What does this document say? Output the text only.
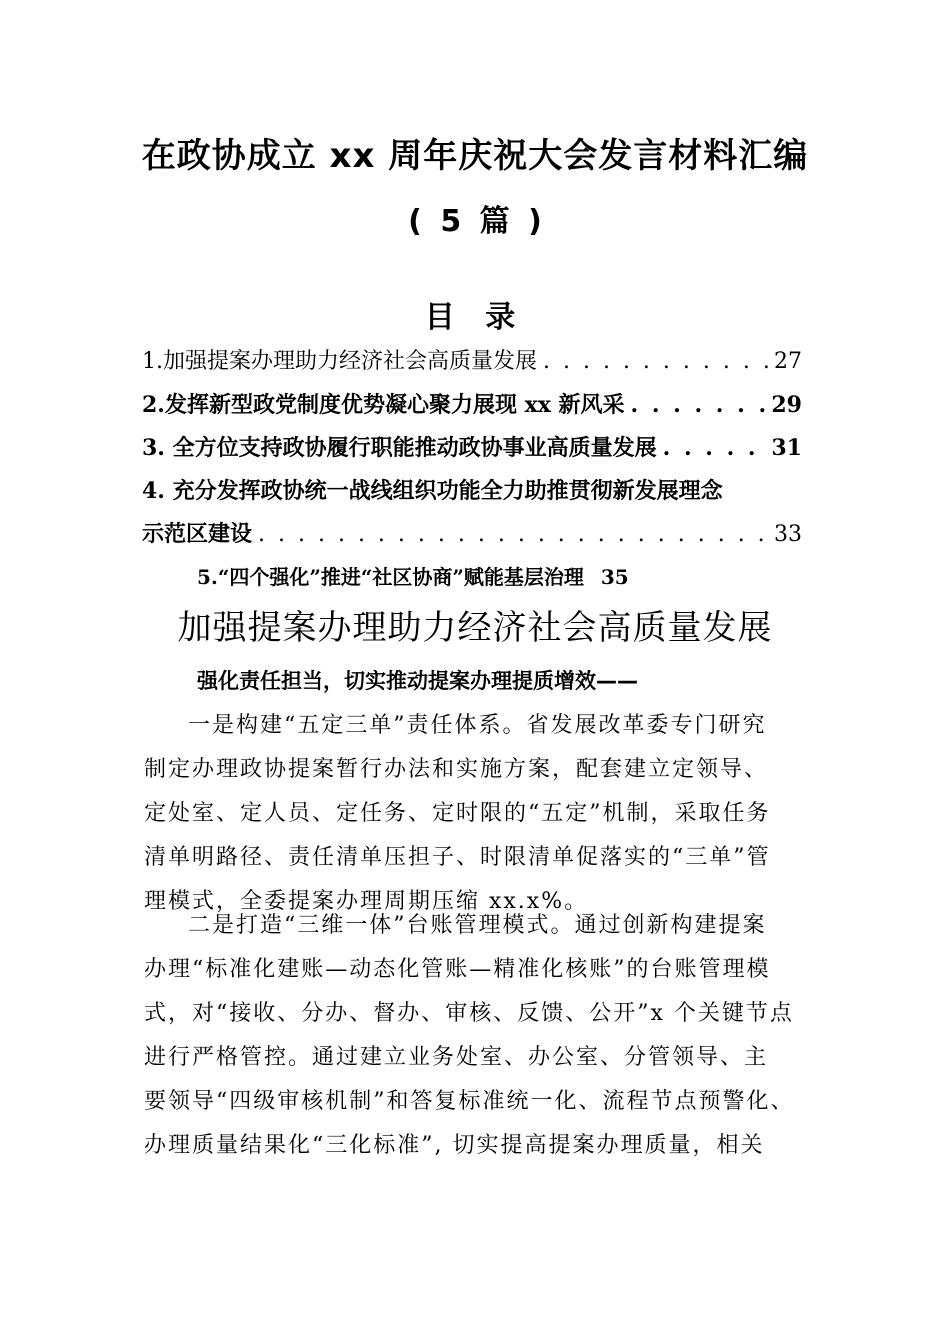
在政协成立 xx 周年庆祝大会发言材料汇编
( 5 篇 )
目 录
1.加强提案办理助力经济社会高质量发展 . . .	27
2.发挥新型政党制度优势凝心聚力展现 xx 新风采 . . .	29
3. 全方位支持政协履行职能推动政协事业高质量发展 . . .	31
4. 充分发挥政协统一战线组织功能全力助推贯彻新发展理念
示范区建设 . . .	33
5.“四个强化”推进“社区协商”赋能基层治理 35
加强提案办理助力经济社会高质量发展
强化责任担当，切实推动提案办理提质增效——
一是构建“五定三单”责任体系。省发展改革委专门研究
制定办理政协提案暂行办法和实施方案，配套建立定领导、
定处室、定人员、定任务、定时限的“五定”机制，采取任务
清单明路径、责任清单压担子、时限清单促落实的“三单”管
理模式，全委提案办理周期压缩 xx.x%。
二是打造“三维一体”台账管理模式。通过创新构建提案
办理“标准化建账—动态化管账—精准化核账”的台账管理模
式，对“接收、分办、督办、审核、反馈、公开”x 个关键节点
进行严格管控。通过建立业务处室、办公室、分管领导、主
要领导“四级审核机制”和答复标准统一化、流程节点预警化、
办理质量结果化“三化标准”, 切实提高提案办理质量，相关
